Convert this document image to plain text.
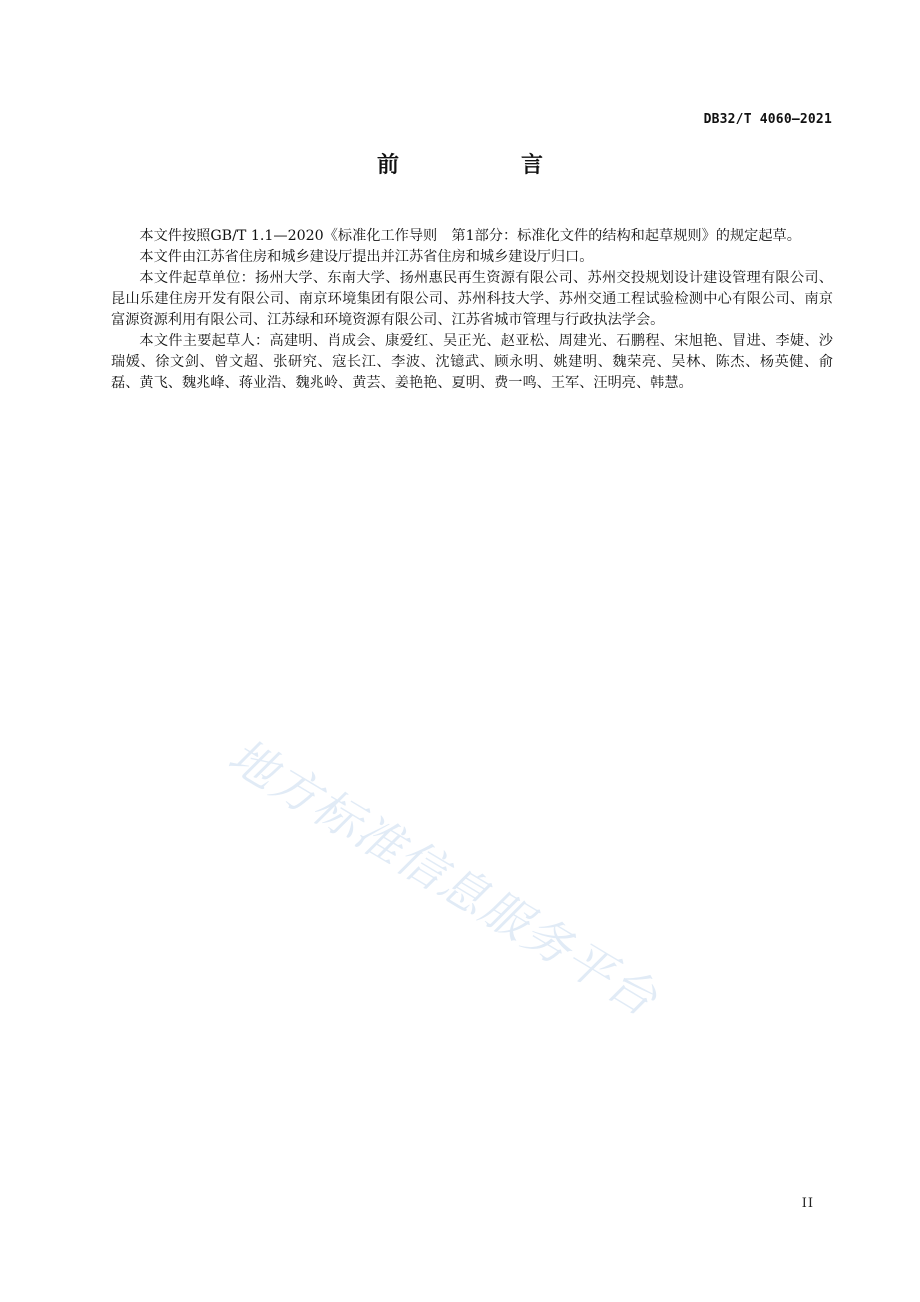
DB32/T 4060—2021
前　言

本文件按照GB/T 1.1—2020《标准化工作导则　第1部分：标准化文件的结构和起草规则》的规定起草。

本文件由江苏省住房和城乡建设厅提出并江苏省住房和城乡建设厅归口。

本文件起草单位：扬州大学、东南大学、扬州惠民再生资源有限公司、苏州交投规划设计建设管理有限公司、昆山乐建住房开发有限公司、南京环境集团有限公司、苏州科技大学、苏州交通工程试验检测中心有限公司、南京富源资源利用有限公司、江苏绿和环境资源有限公司、江苏省城市管理与行政执法学会。

本文件主要起草人：高建明、肖成会、康爱红、吴正光、赵亚松、周建光、石鹏程、宋旭艳、冒进、李婕、沙瑞媛、徐文剑、曾文超、张研究、寇长江、李波、沈镱武、顾永明、姚建明、魏荣亮、吴林、陈杰、杨英健、俞磊、黄飞、魏兆峰、蒋业浩、魏兆岭、黄芸、姜艳艳、夏明、费一鸣、王军、汪明亮、韩慧。

地方标准信息服务平台
II
